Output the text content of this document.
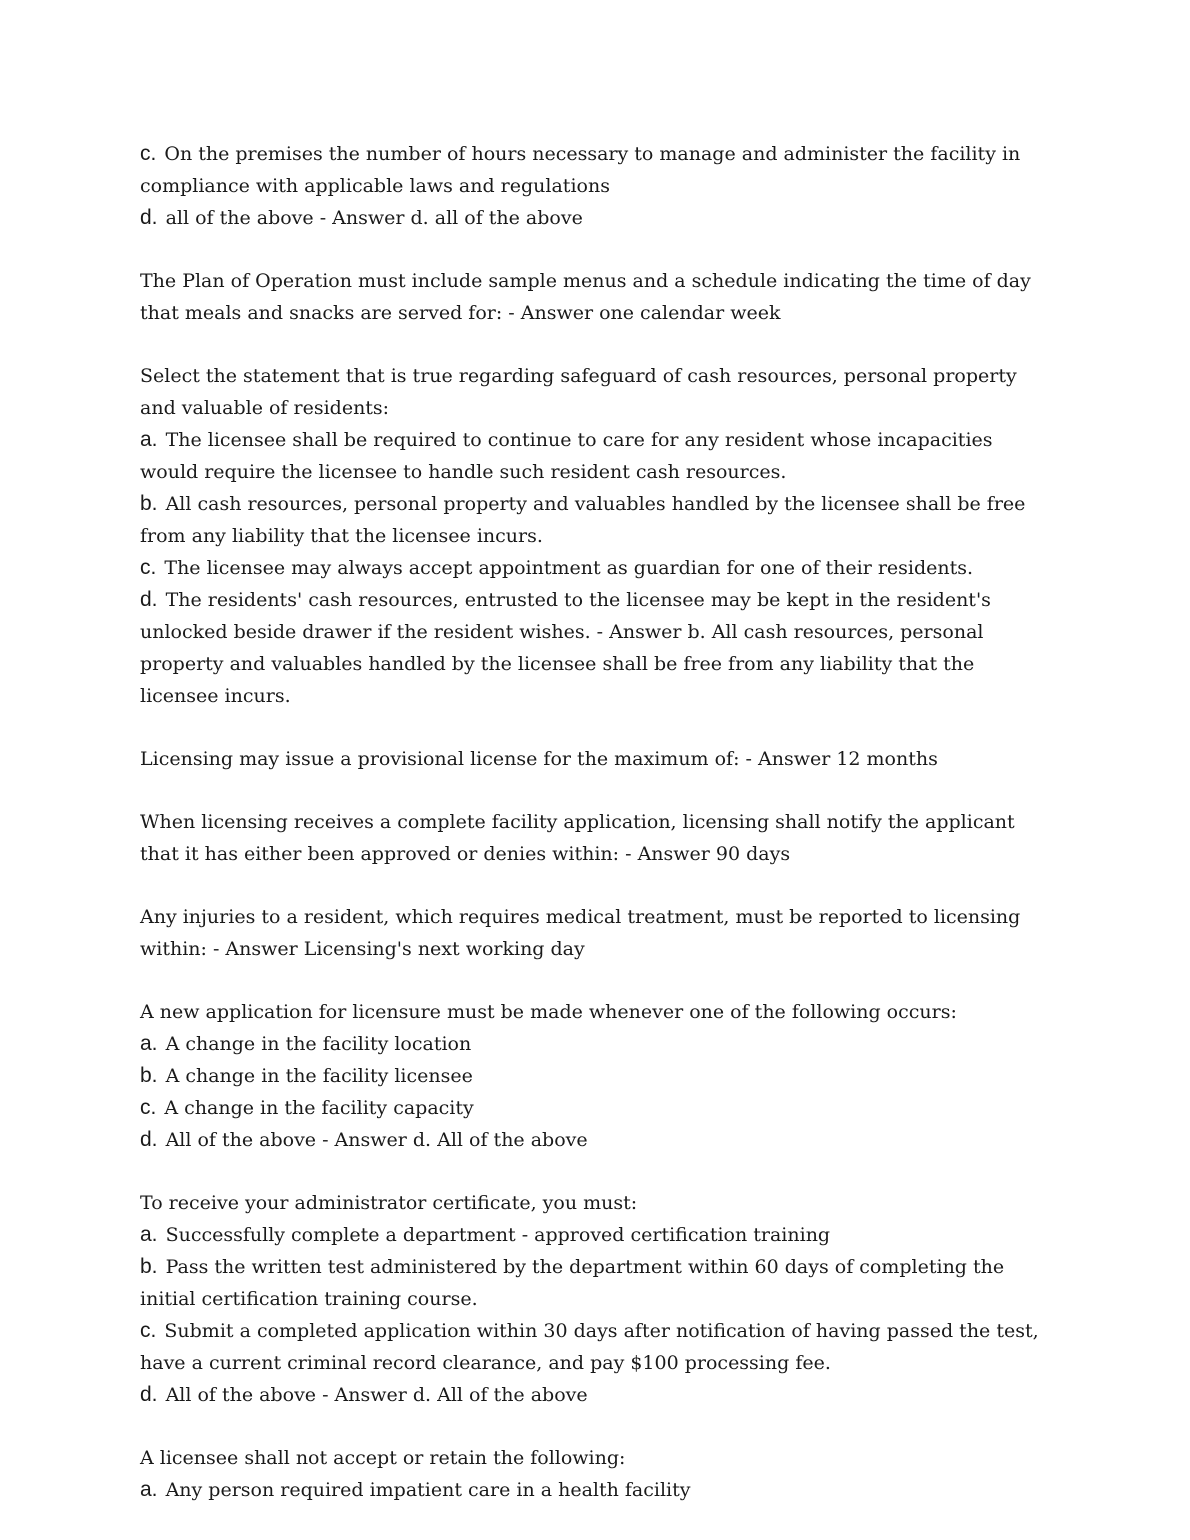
c. On the premises the number of hours necessary to manage and administer the facility in compliance with applicable laws and regulations

d. all of the above - Answer d. all of the above

The Plan of Operation must include sample menus and a schedule indicating the time of day that meals and snacks are served for: - Answer one calendar week

Select the statement that is true regarding safeguard of cash resources, personal property and valuable of residents:

a. The licensee shall be required to continue to care for any resident whose incapacities would require the licensee to handle such resident cash resources.

b. All cash resources, personal property and valuables handled by the licensee shall be free from any liability that the licensee incurs.

c. The licensee may always accept appointment as guardian for one of their residents.

d. The residents' cash resources, entrusted to the licensee may be kept in the resident's unlocked beside drawer if the resident wishes. - Answer b. All cash resources, personal property and valuables handled by the licensee shall be free from any liability that the licensee incurs.

Licensing may issue a provisional license for the maximum of: - Answer 12 months

When licensing receives a complete facility application, licensing shall notify the applicant that it has either been approved or denies within: - Answer 90 days

Any injuries to a resident, which requires medical treatment, must be reported to licensing within: - Answer Licensing's next working day

A new application for licensure must be made whenever one of the following occurs:

a. A change in the facility location

b. A change in the facility licensee

c. A change in the facility capacity

d. All of the above - Answer d. All of the above

To receive your administrator certificate, you must:

a. Successfully complete a department - approved certification training

b. Pass the written test administered by the department within 60 days of completing the initial certification training course.

c. Submit a completed application within 30 days after notification of having passed the test, have a current criminal record clearance, and pay $100 processing fee.

d. All of the above - Answer d. All of the above

A licensee shall not accept or retain the following:

a. Any person required impatient care in a health facility
